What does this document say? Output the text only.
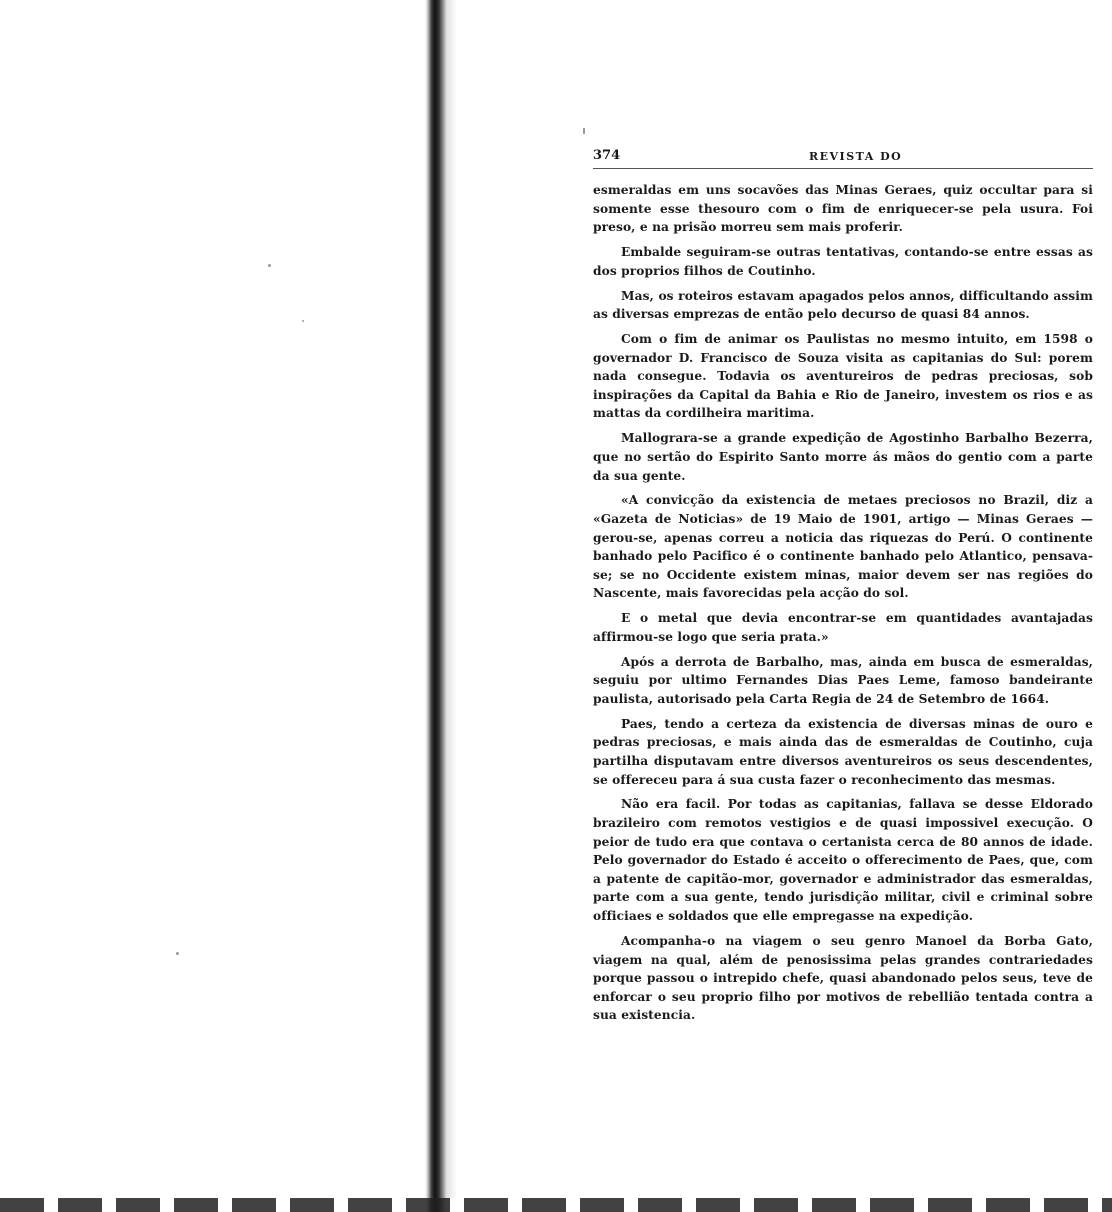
374	REVISTA DO

esmeraldas em uns socavões das Minas Geraes, quiz occultar para si somente esse thesouro com o fim de enriquecer-se pela usura. Foi preso, e na prisão morreu sem mais proferir.

Embalde seguiram-se outras tentativas, contando-se entre essas as dos proprios filhos de Coutinho.

Mas, os roteiros estavam apagados pelos annos, difficultando assim as diversas emprezas de então pelo decurso de quasi 84 annos.

Com o fim de animar os Paulistas no mesmo intuito, em 1598 o governador D. Francisco de Souza visita as capitanias do Sul: porem nada consegue. Todavia os aventureiros de pedras preciosas, sob inspirações da Capital da Bahia e Rio de Janeiro, investem os rios e as mattas da cordilheira maritima.

Mallograra-se a grande expedição de Agostinho Barbalho Bezerra, que no sertão do Espirito Santo morre ás mãos do gentio com a parte da sua gente.

«A convicção da existencia de metaes preciosos no Brazil, diz a «Gazeta de Noticias» de 19 Maio de 1901, artigo — Minas Geraes — gerou-se, apenas correu a noticia das riquezas do Perú. O continente banhado pelo Pacifico é o continente banhado pelo Atlantico, pensava-se; se no Occidente existem minas, maior devem ser nas regiões do Nascente, mais favorecidas pela acção do sol.

E o metal que devia encontrar-se em quantidades avantajadas affirmou-se logo que seria prata.»

Após a derrota de Barbalho, mas, ainda em busca de esmeraldas, seguiu por ultimo Fernandes Dias Paes Leme, famoso bandeirante paulista, autorisado pela Carta Regia de 24 de Setembro de 1664.

Paes, tendo a certeza da existencia de diversas minas de ouro e pedras preciosas, e mais ainda das de esmeraldas de Coutinho, cuja partilha disputavam entre diversos aventureiros os seus descendentes, se offereceu para á sua custa fazer o reconhecimento das mesmas.

Não era facil. Por todas as capitanias, fallava se desse Eldorado brazileiro com remotos vestigios e de quasi impossivel execução. O peior de tudo era que contava o certanista cerca de 80 annos de idade. Pelo governador do Estado é acceito o offerecimento de Paes, que, com a patente de capitão-mor, governador e administrador das esmeraldas, parte com a sua gente, tendo jurisdição militar, civil e criminal sobre officiaes e soldados que elle empregasse na expedição.

Acompanha-o na viagem o seu genro Manoel da Borba Gato, viagem na qual, além de penosissima pelas grandes contrariedades porque passou o intrepido chefe, quasi abandonado pelos seus, teve de enforcar o seu proprio filho por motivos de rebellião tentada contra a sua existencia.
